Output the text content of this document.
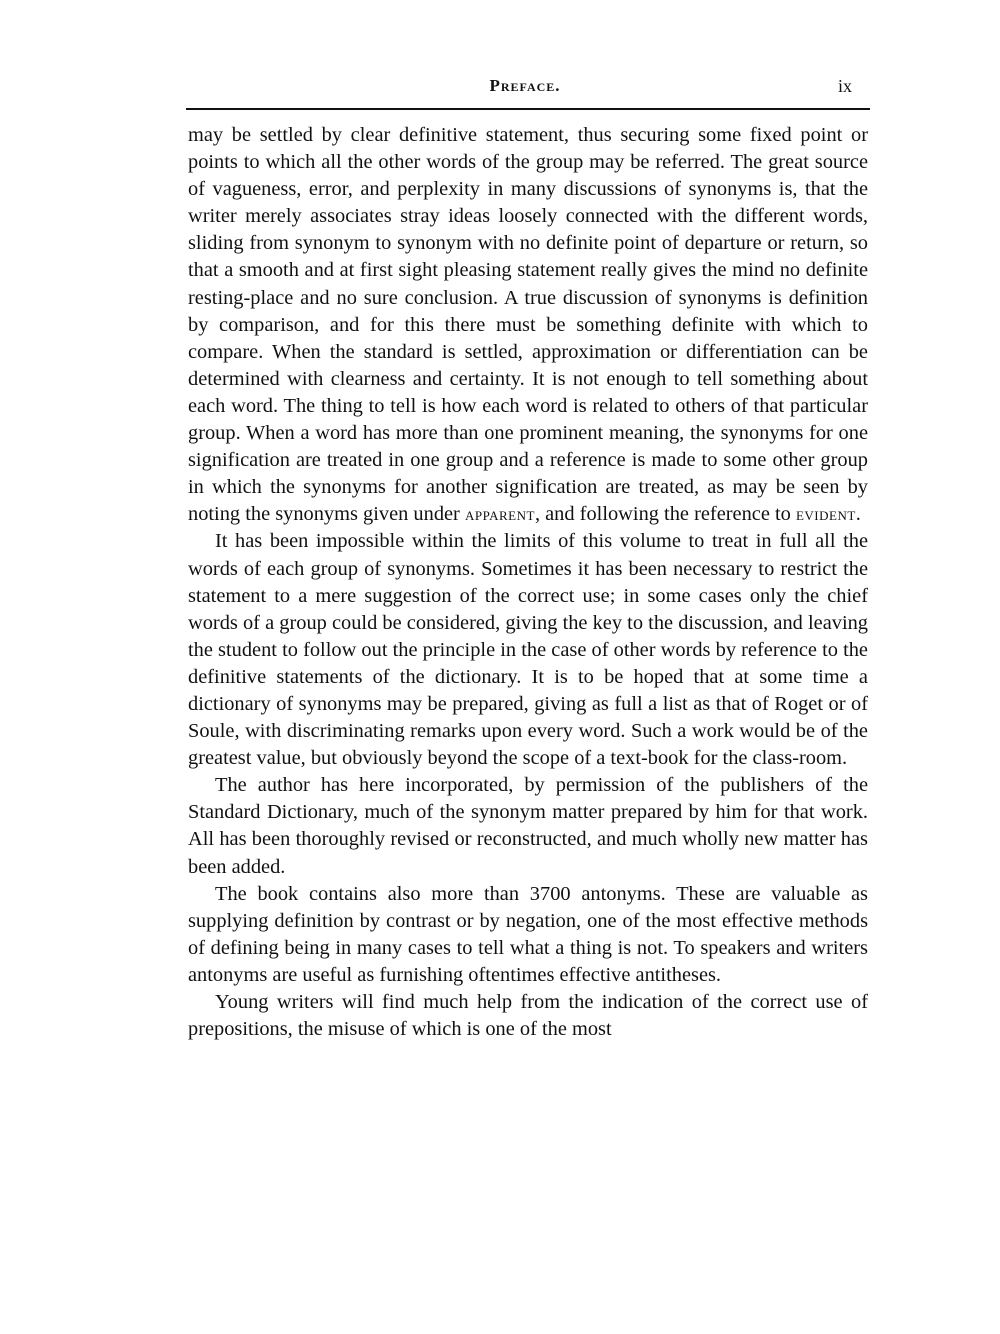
Preface.	ix

may be settled by clear definitive statement, thus securing some fixed point or points to which all the other words of the group may be referred. The great source of vagueness, error, and perplexity in many discussions of synonyms is, that the writer merely associates stray ideas loosely connected with the different words, sliding from synonym to synonym with no definite point of departure or return, so that a smooth and at first sight pleasing statement really gives the mind no definite resting-place and no sure conclusion. A true discussion of synonyms is definition by comparison, and for this there must be something definite with which to compare. When the standard is settled, approximation or differentiation can be determined with clearness and certainty. It is not enough to tell something about each word. The thing to tell is how each word is related to others of that particular group. When a word has more than one prominent meaning, the synonyms for one signification are treated in one group and a reference is made to some other group in which the synonyms for another signification are treated, as may be seen by noting the synonyms given under apparent, and following the reference to evident.

It has been impossible within the limits of this volume to treat in full all the words of each group of synonyms. Sometimes it has been necessary to restrict the statement to a mere suggestion of the correct use; in some cases only the chief words of a group could be considered, giving the key to the discussion, and leaving the student to follow out the principle in the case of other words by reference to the definitive statements of the dictionary. It is to be hoped that at some time a dictionary of synonyms may be prepared, giving as full a list as that of Roget or of Soule, with discriminating remarks upon every word. Such a work would be of the greatest value, but obviously beyond the scope of a text-book for the class-room.

The author has here incorporated, by permission of the publishers of the Standard Dictionary, much of the synonym matter prepared by him for that work. All has been thoroughly revised or reconstructed, and much wholly new matter has been added.

The book contains also more than 3700 antonyms. These are valuable as supplying definition by contrast or by negation, one of the most effective methods of defining being in many cases to tell what a thing is not. To speakers and writers antonyms are useful as furnishing oftentimes effective antitheses.

Young writers will find much help from the indication of the correct use of prepositions, the misuse of which is one of the most
